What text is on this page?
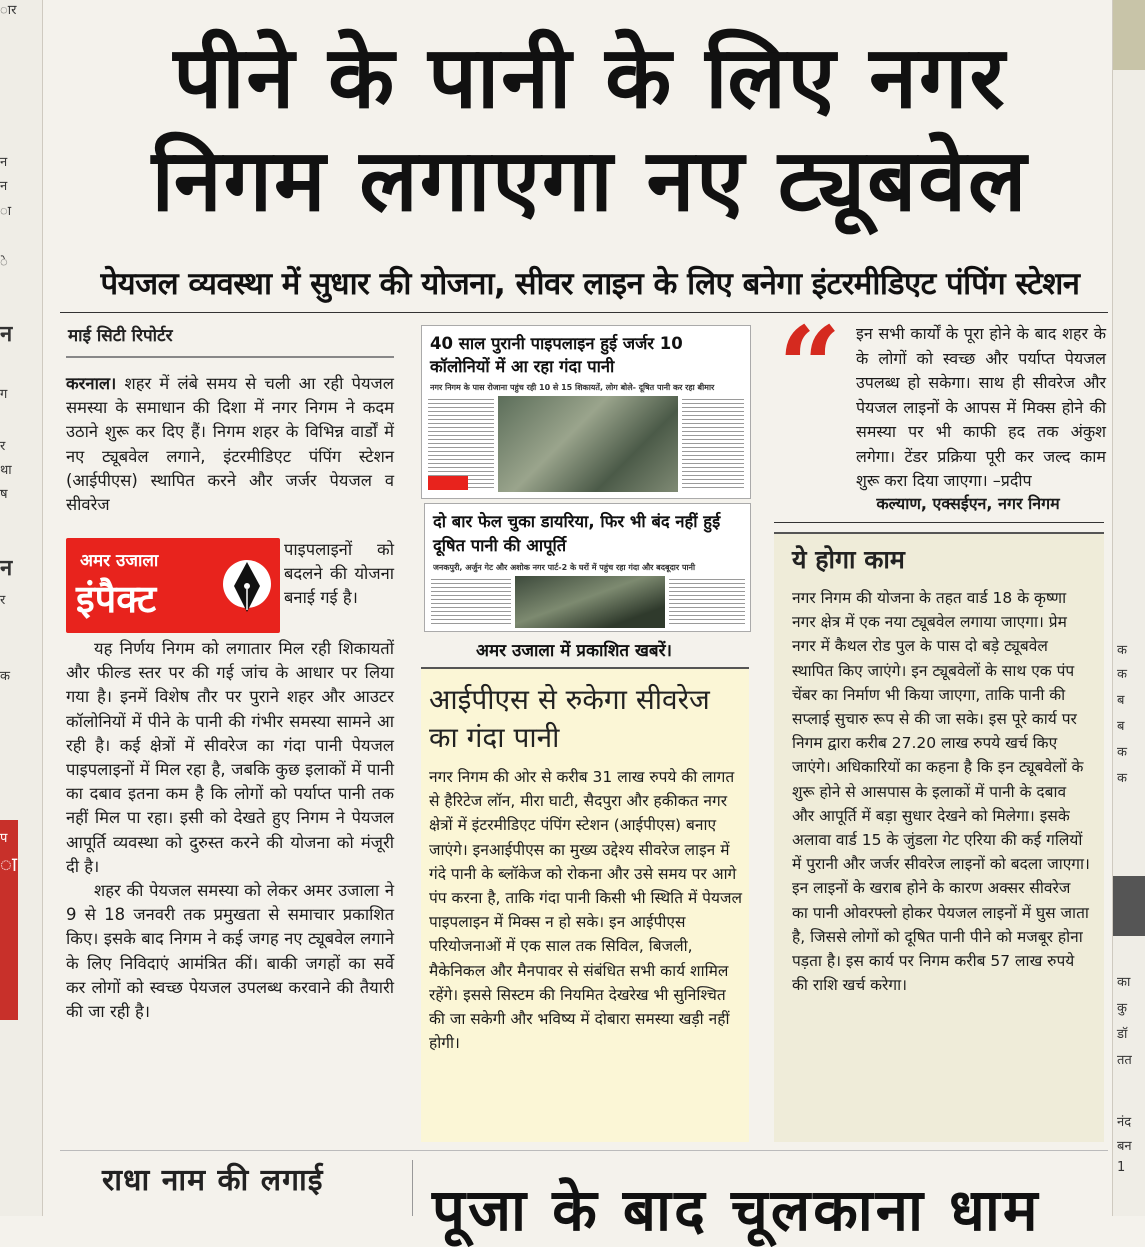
ार
न
न
ा
े
न
ग
र
था
ष
न
र
क
प
ा
क
क
ब
ब
क
क
का
कु
डॉ
तत
नंद
बन
1
पीने के पानी के लिए नगर
निगम लगाएगा नए ट्यूबवेल
पेयजल व्यवस्था में सुधार की योजना, सीवर लाइन के लिए बनेगा इंटरमीडिएट पंपिंग स्टेशन
माई सिटी रिपोर्टर

करनाल। शहर में लंबे समय से चली आ रही पेयजल समस्या के समाधान की दिशा में नगर निगम ने कदम उठाने शुरू कर दिए हैं। निगम शहर के विभिन्न वार्डों में नए ट्यूबवेल लगाने, इंटरमीडिएट पंपिंग स्टेशन (आईपीएस) स्थापित करने और जर्जर पेयजल व सीवरेज

अमर उजाला
इंपैक्ट
पाइपलाइनों को बदलने की योजना बनाई गई है।

यह निर्णय निगम को लगातार मिल रही शिकायतों और फील्ड स्तर पर की गई जांच के आधार पर लिया गया है। इनमें विशेष तौर पर पुराने शहर और आउटर कॉलोनियों में पीने के पानी की गंभीर समस्या सामने आ रही है। कई क्षेत्रों में सीवरेज का गंदा पानी पेयजल पाइपलाइनों में मिल रहा है, जबकि कुछ इलाकों में पानी का दबाव इतना कम है कि लोगों को पर्याप्त पानी तक नहीं मिल पा रहा। इसी को देखते हुए निगम ने पेयजल आपूर्ति व्यवस्था को दुरुस्त करने की योजना को मंजूरी दी है।

शहर की पेयजल समस्या को लेकर अमर उजाला ने 9 से 18 जनवरी तक प्रमुखता से समाचार प्रकाशित किए। इसके बाद निगम ने कई जगह नए ट्यूबवेल लगाने के लिए निविदाएं आमंत्रित कीं। बाकी जगहों का सर्वे कर लोगों को स्वच्छ पेयजल उपलब्ध करवाने की तैयारी की जा रही है।

40 साल पुरानी पाइपलाइन हुई जर्जर 10 कॉलोनियों में आ रहा गंदा पानी
नगर निगम के पास रोजाना पहुंच रही 10 से 15 शिकायतें, लोग बोले- दूषित पानी कर रहा बीमार
दो बार फेल चुका डायरिया, फिर भी बंद नहीं हुई दूषित पानी की आपूर्ति
जनकपुरी, अर्जुन गेट और अशोक नगर पार्ट-2 के घरों में पहुंच रहा गंदा और बदबूदार पानी
अमर उजाला में प्रकाशित खबरें।
आईपीएस से रुकेगा सीवरेज का गंदा पानी
नगर निगम की ओर से करीब 31 लाख रुपये की लागत से हैरिटेज लॉन, मीरा घाटी, सैदपुरा और हकीकत नगर क्षेत्रों में इंटरमीडिएट पंपिंग स्टेशन (आईपीएस) बनाए जाएंगे। इनआईपीएस का मुख्य उद्देश्य सीवरेज लाइन में गंदे पानी के ब्लॉकेज को रोकना और उसे समय पर आगे पंप करना है, ताकि गंदा पानी किसी भी स्थिति में पेयजल पाइपलाइन में मिक्स न हो सके। इन आईपीएस परियोजनाओं में एक साल तक सिविल, बिजली, मैकेनिकल और मैनपावर से संबंधित सभी कार्य शामिल रहेंगे। इससे सिस्टम की नियमित देखरेख भी सुनिश्चित की जा सकेगी और भविष्य में दोबारा समस्या खड़ी नहीं होगी।
“ इन सभी कार्यों के पूरा होने के बाद शहर के के लोगों को स्वच्छ और पर्याप्त पेयजल उपलब्ध हो सकेगा। साथ ही सीवरेज और पेयजल लाइनों के आपस में मिक्स होने की समस्या पर भी काफी हद तक अंकुश लगेगा। टेंडर प्रक्रिया पूरी कर जल्द काम शुरू करा दिया जाएगा। –प्रदीप
कल्याण, एक्सईएन, नगर निगम
ये होगा काम
नगर निगम की योजना के तहत वार्ड 18 के कृष्णा नगर क्षेत्र में एक नया ट्यूबवेल लगाया जाएगा। प्रेम नगर में कैथल रोड पुल के पास दो बड़े ट्यूबवेल स्थापित किए जाएंगे। इन ट्यूबवेलों के साथ एक पंप चेंबर का निर्माण भी किया जाएगा, ताकि पानी की सप्लाई सुचारु रूप से की जा सके। इस पूरे कार्य पर निगम द्वारा करीब 27.20 लाख रुपये खर्च किए जाएंगे। अधिकारियों का कहना है कि इन ट्यूबवेलों के शुरू होने से आसपास के इलाकों में पानी के दबाव और आपूर्ति में बड़ा सुधार देखने को मिलेगा। इसके अलावा वार्ड 15 के जुंडला गेट एरिया की कई गलियों में पुरानी और जर्जर सीवरेज लाइनों को बदला जाएगा। इन लाइनों के खराब होने के कारण अक्सर सीवरेज का पानी ओवरफ्लो होकर पेयजल लाइनों में घुस जाता है, जिससे लोगों को दूषित पानी पीने को मजबूर होना पड़ता है। इस कार्य पर निगम करीब 57 लाख रुपये की राशि खर्च करेगा।
राधा नाम की लगाई पूजा के बाद चूलकाना धाम
